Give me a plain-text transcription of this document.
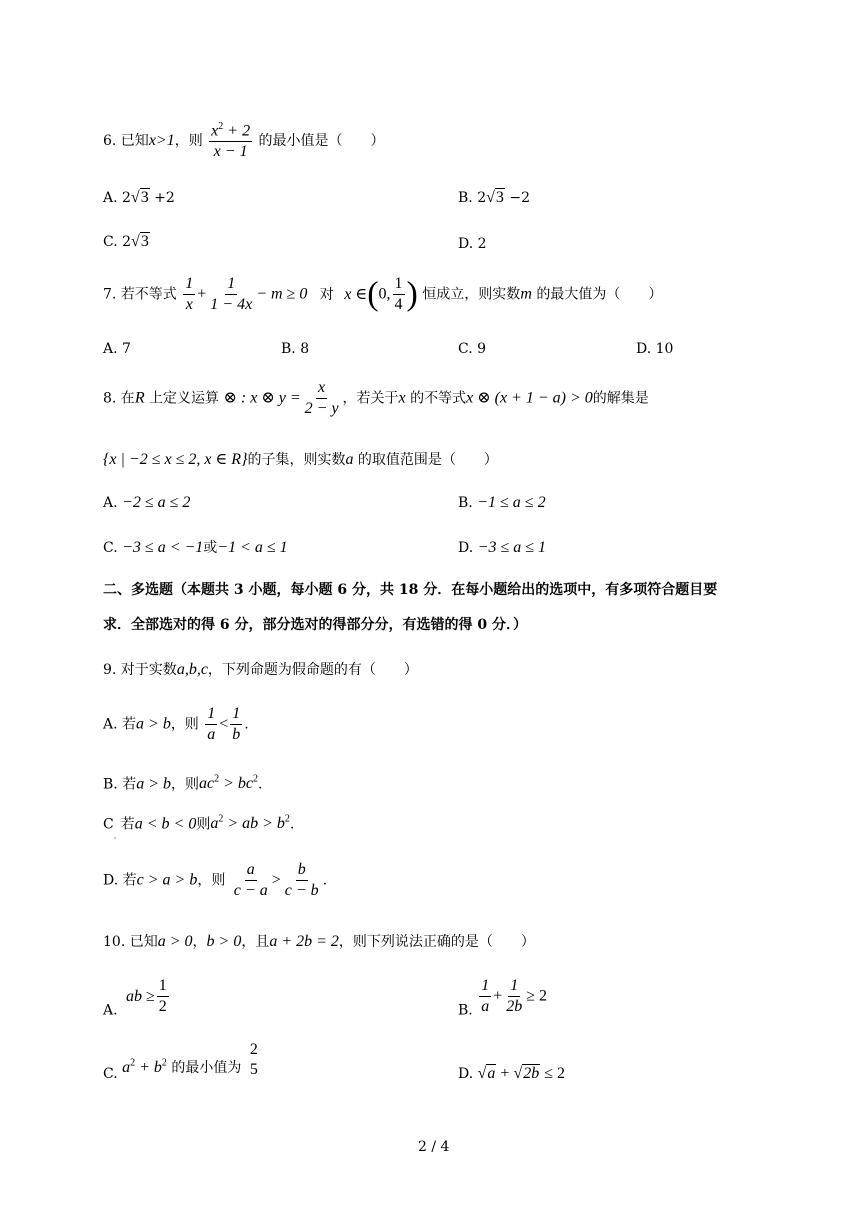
6. 已知x>1，则 $\frac{x^2 + 2}{x - 1}$ 的最小值是（　　）
A. 2√3 +2	B. 2√3 −2
C. 2√3	D. 2
7. 若不等式 $\frac{1}{x} + \frac{1}{1 - 4x} - m \ge 0$ 对 x ∈(0, $\frac{1}{4}$ ) 恒成立，则实数m 的最大值为（　　）
A. 7	B. 8	C. 9	D. 10
8. 在R 上定义运算 ⊗ : x ⊗ $y = \frac{x}{2 - y}$ ，若关于x 的不等式x ⊗ (x + 1 − a) > 0的解集是
{x | −2 ≤ x ≤ 2, x ∈ R}的子集，则实数a 的取值范围是（　　）
A. −2 ≤ a ≤ 2	B. −1 ≤ a ≤ 2
C. −3 ≤ a < −1或−1 < a ≤ 1	D. −3 ≤ a ≤ 1
二、多选题（本题共 3 小题，每小题 6 分，共 18 分．在每小题给出的选项中，有多项符合题目要
求．全部选对的得 6 分，部分选对的得部分分，有选错的得 0 分．）
9. 对于实数a,b,c，下列命题为假命题的有（　　）
A. 若a > b，则 $\frac{1}{a} < \frac{1}{b}$ .
B. 若a > b，则$ac^2 > bc^2$.
$C_.$ 若a < b < 0则$a^2$ > ab > $b^2$.
D. 若c > a > b，则 $\frac{a}{c - a} > \frac{b}{c - b}$ .
10. 已知a > 0，b > 0，且a + 2b = 2，则下列说法正确的是（　　）
A. ab ≥ $\frac{1}{2}$	B. $\frac{1}{a} + \frac{1}{2b} \ge 2$
C. $a^2 + b^2$ 的最小值为
2
5	D. √a + √2b ≤ 2
2 / 4
